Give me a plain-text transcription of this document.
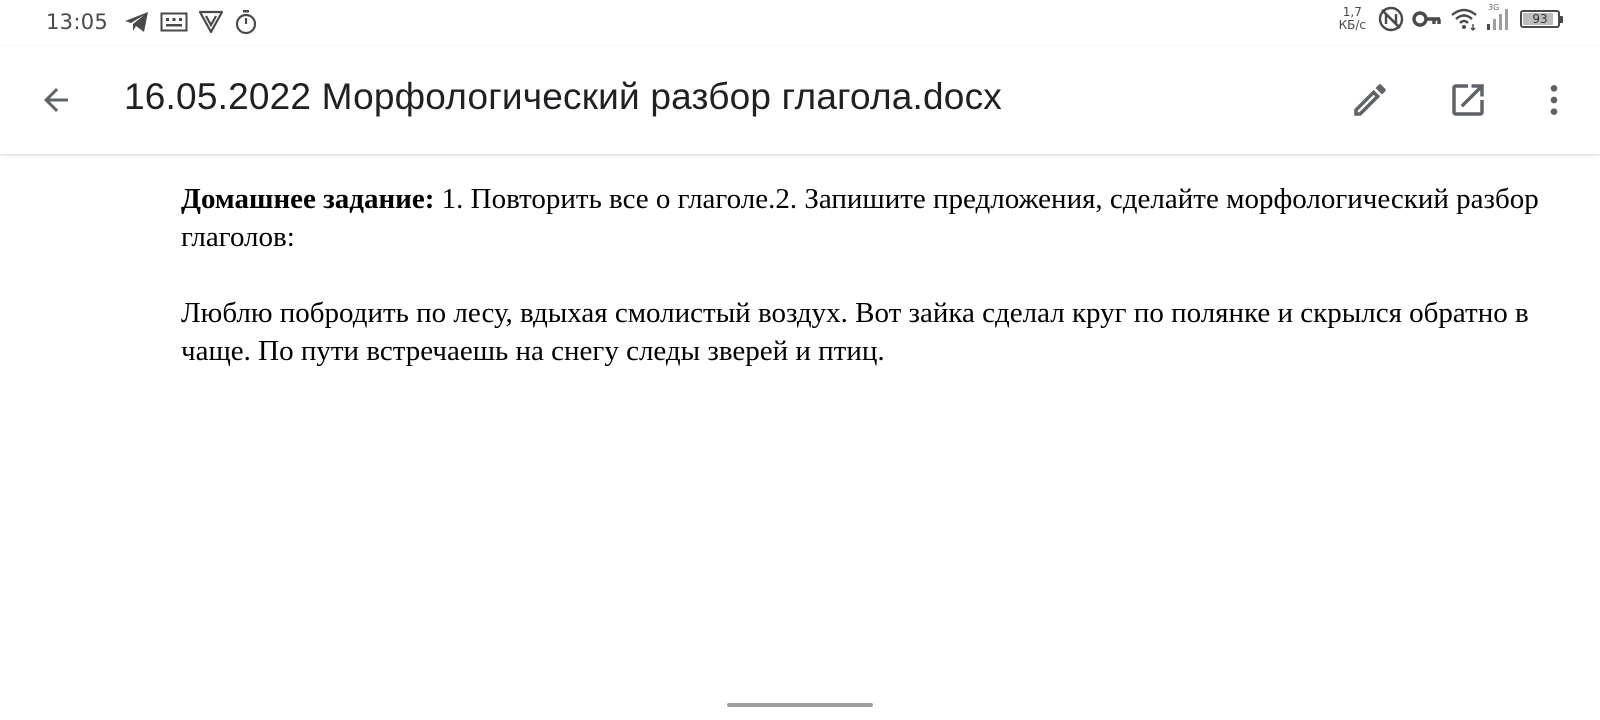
13:05	1,7
КБ/с
3G
93
16.05.2022 Морфологический разбор глагола.docx

Домашнее задание: 1. Повторить все о глаголе.2. Запишите предложения, сделайте морфологический разбор глаголов:

Люблю побродить по лесу, вдыхая смолистый воздух. Вот зайка сделал круг по полянке и скрылся обратно в чаще. По пути встречаешь на снегу следы зверей и птиц.
